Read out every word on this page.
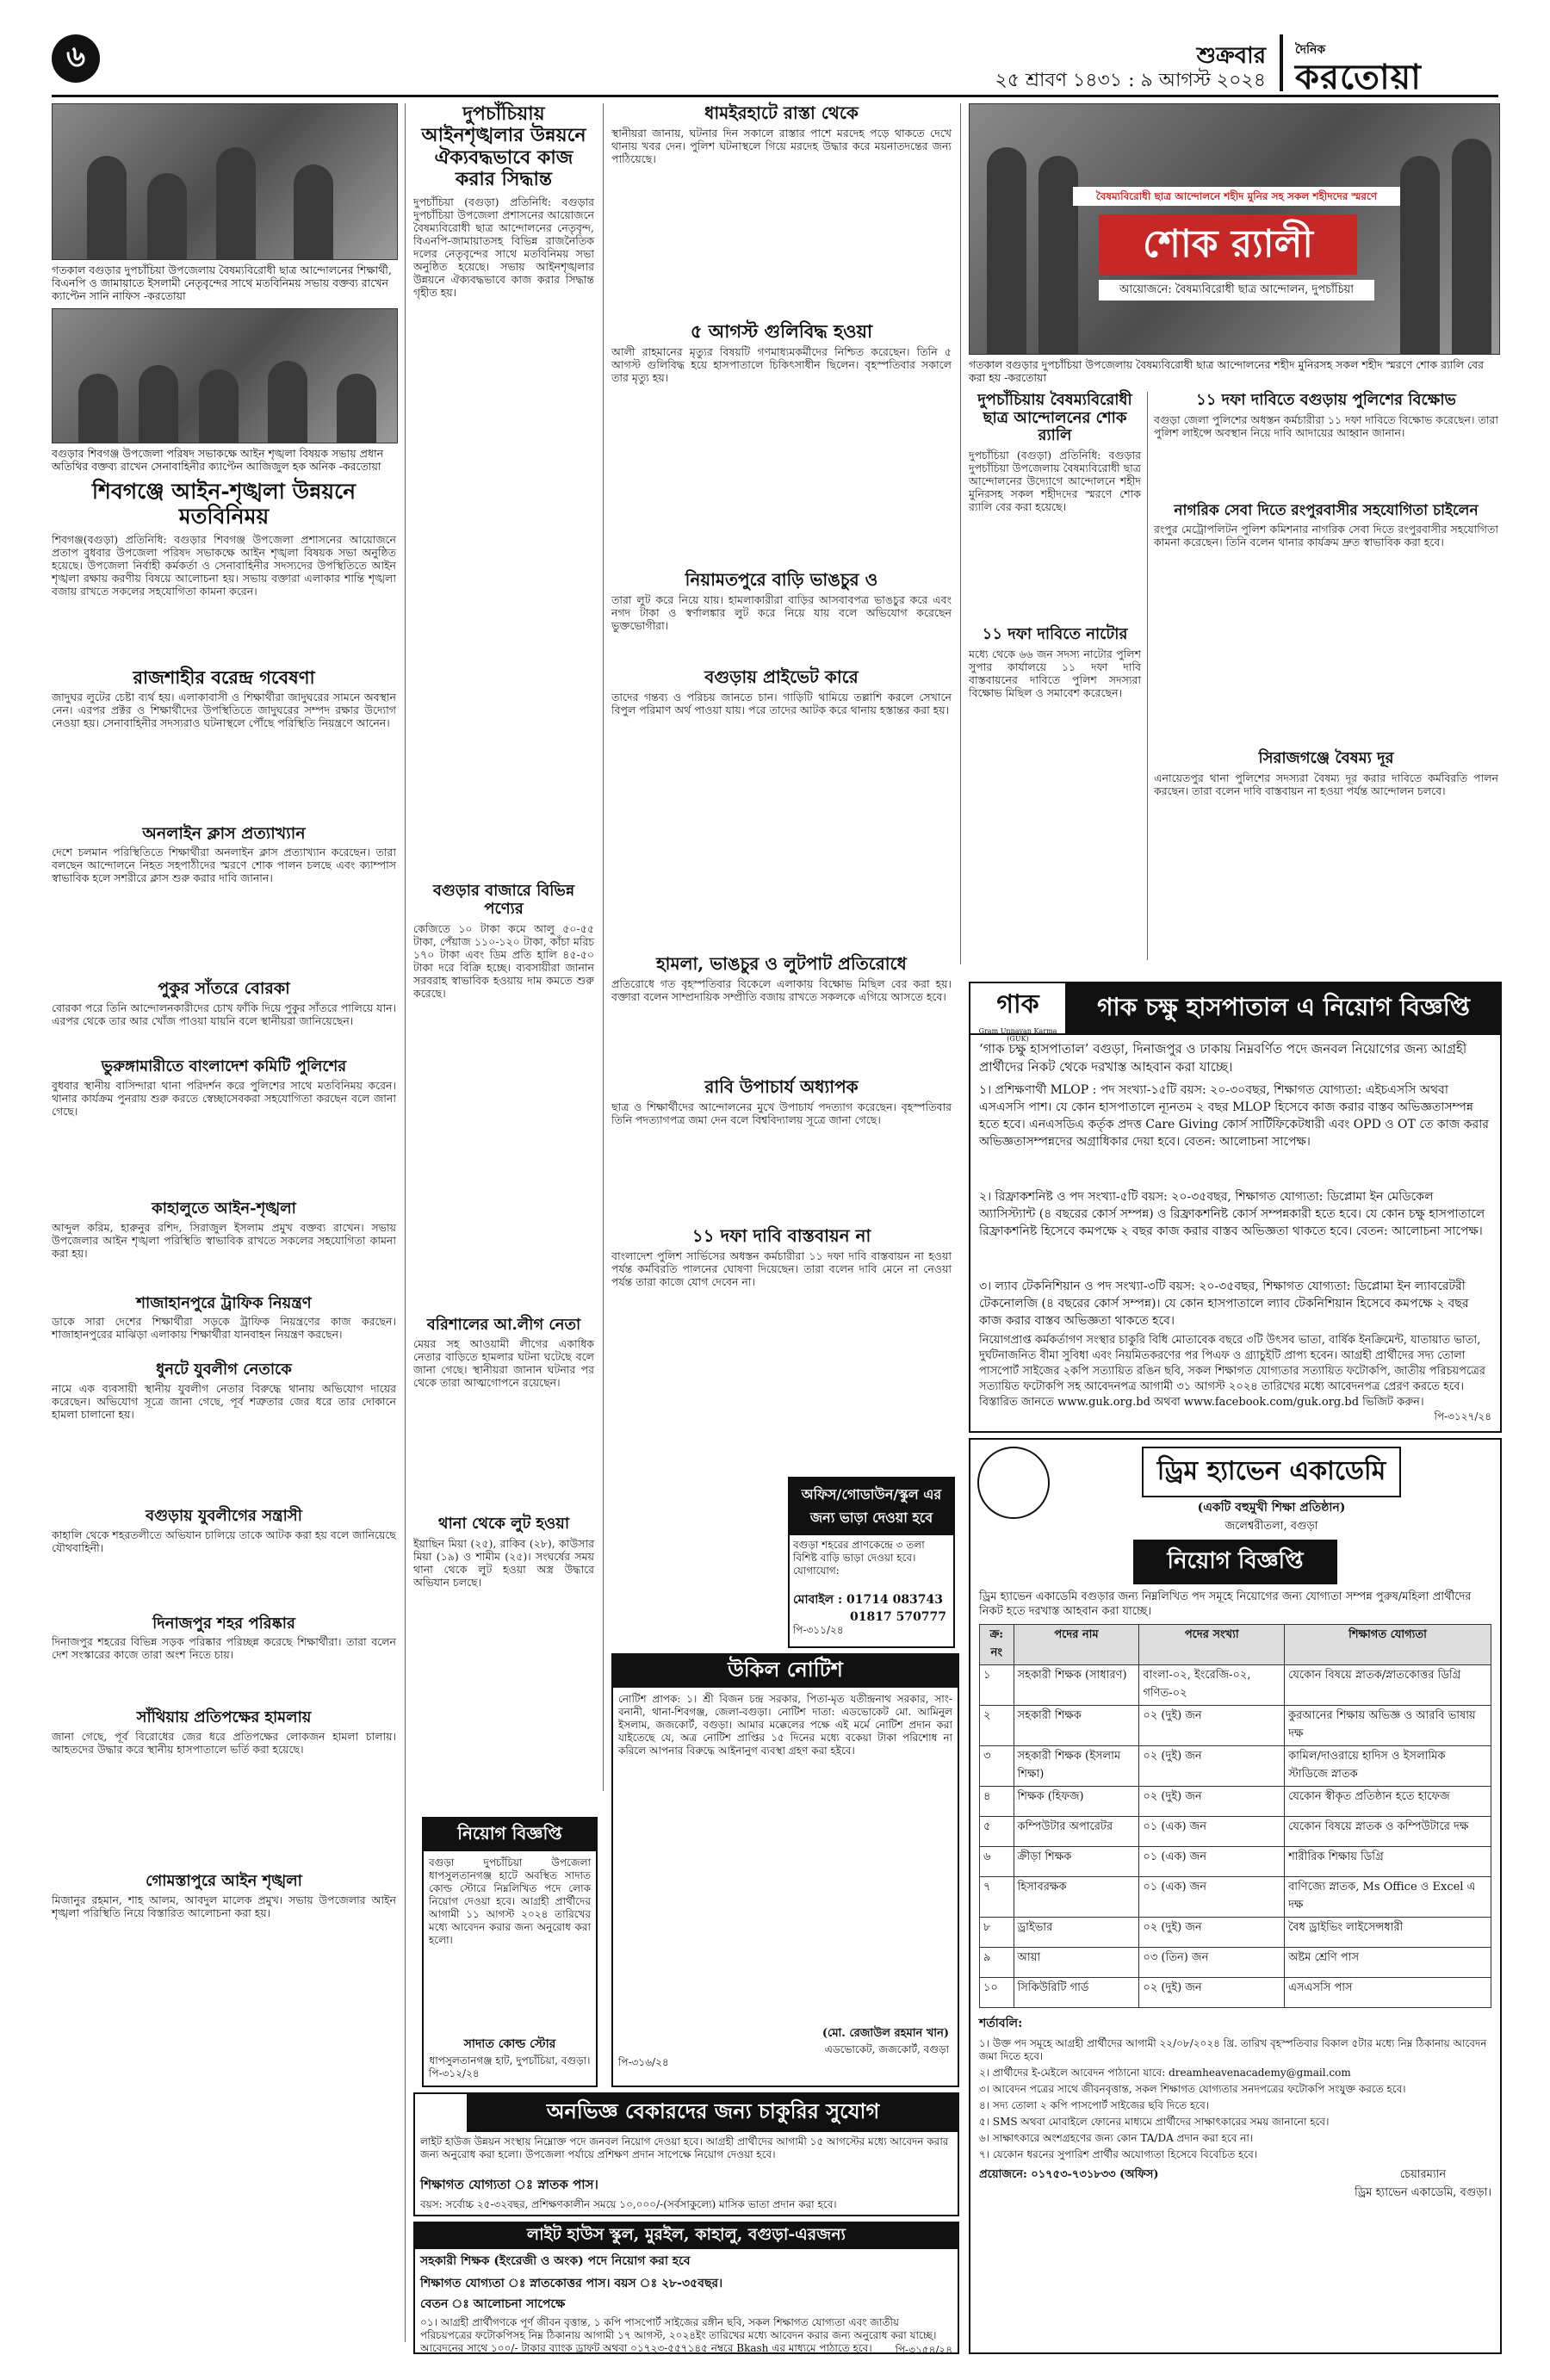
৬	শুক্রবার
২৫ শ্রাবণ ১৪৩১ : ৯ আগস্ট ২০২৪
দৈনিক
করতোয়া
গতকাল বগুড়ার দুপচাঁচিয়া উপজেলায় বৈষম্যবিরোধী ছাত্র আন্দোলনের শিক্ষার্থী, বিএনপি ও জামায়াতে ইসলামী নেতৃবৃন্দের সাথে মতবিনিময় সভায় বক্তব্য রাখেন ক্যাপ্টেন সানি নাফিস -করতোয়া
বগুড়ার শিবগঞ্জ উপজেলা পরিষদ সভাকক্ষে আইন শৃঙ্খলা বিষয়ক সভায় প্রধান অতিথির বক্তব্য রাখেন সেনাবাহিনীর ক্যাপ্টেন আজিজুল হক অনিক -করতোয়া
শিবগঞ্জে আইন-শৃঙ্খলা উন্নয়নে মতবিনিময়
শিবগঞ্জ(বগুড়া) প্রতিনিধি: বগুড়ার শিবগঞ্জ উপজেলা প্রশাসনের আয়োজনে প্রতাপ বুধবার উপজেলা পরিষদ সভাকক্ষে আইন শৃঙ্খলা বিষয়ক সভা অনুষ্ঠিত হয়েছে। উপজেলা নির্বাহী কর্মকর্তা ও সেনাবাহিনীর সদস্যদের উপস্থিতিতে আইন শৃঙ্খলা রক্ষায় করণীয় বিষয়ে আলোচনা হয়। সভায় বক্তারা এলাকার শান্তি শৃঙ্খলা বজায় রাখতে সকলের সহযোগিতা কামনা করেন।
রাজশাহীর বরেন্দ্র গবেষণা
জাদুঘর লুটের চেষ্টা ব্যর্থ হয়। এলাকাবাসী ও শিক্ষার্থীরা জাদুঘরের সামনে অবস্থান নেন। এরপর প্রক্টর ও শিক্ষার্থীদের উপস্থিতিতে জাদুঘরের সম্পদ রক্ষার উদ্যোগ নেওয়া হয়। সেনাবাহিনীর সদস্যরাও ঘটনাস্থলে পৌঁছে পরিস্থিতি নিয়ন্ত্রণে আনেন।
অনলাইন ক্লাস প্রত্যাখ্যান
দেশে চলমান পরিস্থিতিতে শিক্ষার্থীরা অনলাইন ক্লাস প্রত্যাখ্যান করেছেন। তারা বলছেন আন্দোলনে নিহত সহপাঠীদের স্মরণে শোক পালন চলছে এবং ক্যাম্পাস স্বাভাবিক হলে সশরীরে ক্লাস শুরু করার দাবি জানান।
পুকুর সাঁতরে বোরকা
বোরকা পরে তিনি আন্দোলনকারীদের চোখ ফাঁকি দিয়ে পুকুর সাঁতরে পালিয়ে যান। এরপর থেকে তার আর খোঁজ পাওয়া যায়নি বলে স্থানীয়রা জানিয়েছেন।
ভুরুঙ্গামারীতে বাংলাদেশ কমিটি পুলিশের
বুধবার স্থানীয় বাসিন্দারা থানা পরিদর্শন করে পুলিশের সাথে মতবিনিময় করেন। থানার কার্যক্রম পুনরায় শুরু করতে স্বেচ্ছাসেবকরা সহযোগিতা করছেন বলে জানা গেছে।
কাহালুতে আইন-শৃঙ্খলা
আব্দুল করিম, হারুনুর রশিদ, সিরাজুল ইসলাম প্রমুখ বক্তব্য রাখেন। সভায় উপজেলার আইন শৃঙ্খলা পরিস্থিতি স্বাভাবিক রাখতে সকলের সহযোগিতা কামনা করা হয়।
শাজাহানপুরে ট্রাফিক নিয়ন্ত্রণ
ডাকে সারা দেশের শিক্ষার্থীরা সড়কে ট্রাফিক নিয়ন্ত্রণের কাজ করছেন। শাজাহানপুরের মাঝিড়া এলাকায় শিক্ষার্থীরা যানবাহন নিয়ন্ত্রণ করছেন।
ধুনটে যুবলীগ নেতাকে
নামে এক ব্যবসায়ী স্থানীয় যুবলীগ নেতার বিরুদ্ধে থানায় অভিযোগ দায়ের করেছেন। অভিযোগ সূত্রে জানা গেছে, পূর্ব শত্রুতার জের ধরে তার দোকানে হামলা চালানো হয়।
বগুড়ায় যুবলীগের সন্ত্রাসী
কাহালি থেকে শহরতলীতে অভিযান চালিয়ে তাকে আটক করা হয় বলে জানিয়েছে যৌথবাহিনী।
দিনাজপুর শহর পরিষ্কার
দিনাজপুর শহরের বিভিন্ন সড়ক পরিষ্কার পরিচ্ছন্ন করেছে শিক্ষার্থীরা। তারা বলেন দেশ সংস্কারের কাজে তারা অংশ নিতে চায়।
সাঁথিয়ায় প্রতিপক্ষের হামলায়
জানা গেছে, পূর্ব বিরোধের জের ধরে প্রতিপক্ষের লোকজন হামলা চালায়। আহতদের উদ্ধার করে স্থানীয় হাসপাতালে ভর্তি করা হয়েছে।
গোমস্তাপুরে আইন শৃঙ্খলা
মিজানুর রহমান, শাহ আলম, আবদুল মালেক প্রমুখ। সভায় উপজেলার আইন শৃঙ্খলা পরিস্থিতি নিয়ে বিস্তারিত আলোচনা করা হয়।
দুপচাঁচিয়ায় আইনশৃঙ্খলার উন্নয়নে ঐক্যবদ্ধভাবে কাজ করার সিদ্ধান্ত
দুপচাঁচিয়া (বগুড়া) প্রতিনিধি: বগুড়ার দুপচাঁচিয়া উপজেলা প্রশাসনের আয়োজনে বৈষম্যবিরোধী ছাত্র আন্দোলনের নেতৃবৃন্দ, বিএনপি-জামায়াতসহ বিভিন্ন রাজনৈতিক দলের নেতৃবৃন্দের সাথে মতবিনিময় সভা অনুষ্ঠিত হয়েছে। সভায় আইনশৃঙ্খলার উন্নয়নে ঐক্যবদ্ধভাবে কাজ করার সিদ্ধান্ত গৃহীত হয়।
বগুড়ার বাজারে বিভিন্ন পণ্যের
কেজিতে ১০ টাকা কমে আলু ৫০-৫৫ টাকা, পেঁয়াজ ১১০-১২০ টাকা, কাঁচা মরিচ ১৭০ টাকা এবং ডিম প্রতি হালি ৪৫-৫০ টাকা দরে বিক্রি হচ্ছে। ব্যবসায়ীরা জানান সরবরাহ স্বাভাবিক হওয়ায় দাম কমতে শুরু করেছে।
বরিশালের আ.লীগ নেতা
মেয়র সহ আওয়ামী লীগের একাধিক নেতার বাড়িতে হামলার ঘটনা ঘটেছে বলে জানা গেছে। স্থানীয়রা জানান ঘটনার পর থেকে তারা আত্মগোপনে রয়েছেন।
থানা থেকে লুট হওয়া
ইয়াছিন মিয়া (২৫), রাকিব (২৮), কাউসার মিয়া (১৯) ও শামীম (২৫)। সংঘর্ষের সময় থানা থেকে লুট হওয়া অস্ত্র উদ্ধারে অভিযান চলছে।
নিয়োগ বিজ্ঞপ্তি
বগুড়া দুপচাঁচিয়া উপজেলা ধাপসুলতানগঞ্জ হাটে অবস্থিত সাদাত কোল্ড স্টোরে নিম্নলিখিত পদে লোক নিয়োগ দেওয়া হবে। আগ্রহী প্রার্থীদের আগামী ১১ আগস্ট ২০২৪ তারিখের মধ্যে আবেদন করার জন্য অনুরোধ করা হলো।
সাদাত কোল্ড স্টোর
ধাপসুলতানগঞ্জ হাট, দুপচাঁচিয়া, বগুড়া।
পি-৩১২/২৪
ধামইরহাটে রাস্তা থেকে
স্থানীয়রা জানায়, ঘটনার দিন সকালে রাস্তার পাশে মরদেহ পড়ে থাকতে দেখে থানায় খবর দেন। পুলিশ ঘটনাস্থলে গিয়ে মরদেহ উদ্ধার করে ময়নাতদন্তের জন্য পাঠিয়েছে।
৫ আগস্ট গুলিবিদ্ধ হওয়া
আলী রাহমানের মৃত্যুর বিষয়টি গণমাধ্যমকর্মীদের নিশ্চিত করেছেন। তিনি ৫ আগস্ট গুলিবিদ্ধ হয়ে হাসপাতালে চিকিৎসাধীন ছিলেন। বৃহস্পতিবার সকালে তার মৃত্যু হয়।
নিয়ামতপুরে বাড়ি ভাঙচুর ও
তারা লুট করে নিয়ে যায়। হামলাকারীরা বাড়ির আসবাবপত্র ভাঙচুর করে এবং নগদ টাকা ও স্বর্ণালঙ্কার লুট করে নিয়ে যায় বলে অভিযোগ করেছেন ভুক্তভোগীরা।
বগুড়ায় প্রাইভেট কারে
তাদের গন্তব্য ও পরিচয় জানতে চান। গাড়িটি থামিয়ে তল্লাশি করলে সেখানে বিপুল পরিমাণ অর্থ পাওয়া যায়। পরে তাদের আটক করে থানায় হস্তান্তর করা হয়।
হামলা, ভাঙচুর ও লুটপাট প্রতিরোধে
প্রতিরোধে গত বৃহস্পতিবার বিকেলে এলাকায় বিক্ষোভ মিছিল বের করা হয়। বক্তারা বলেন সাম্প্রদায়িক সম্প্রীতি বজায় রাখতে সকলকে এগিয়ে আসতে হবে।
রাবি উপাচার্য অধ্যাপক
ছাত্র ও শিক্ষার্থীদের আন্দোলনের মুখে উপাচার্য পদত্যাগ করেছেন। বৃহস্পতিবার তিনি পদত্যাগপত্র জমা দেন বলে বিশ্ববিদ্যালয় সূত্রে জানা গেছে।
১১ দফা দাবি বাস্তবায়ন না
বাংলাদেশ পুলিশ সার্ভিসের অধস্তন কর্মচারীরা ১১ দফা দাবি বাস্তবায়ন না হওয়া পর্যন্ত কর্মবিরতি পালনের ঘোষণা দিয়েছেন। তারা বলেন দাবি মেনে না নেওয়া পর্যন্ত তারা কাজে যোগ দেবেন না।
অফিস/গোডাউন/স্কুল এর জন্য ভাড়া দেওয়া হবে
বগুড়া শহরের প্রাণকেন্দ্রে ৩ তলা বিশিষ্ট বাড়ি ভাড়া দেওয়া হবে। যোগাযোগ:
মোবাইল : 01714 083743
01817 570777
পি-৩১১/২৪
বৈষম্যবিরোধী ছাত্র আন্দোলনে শহীদ মুনির সহ সকল শহীদদের স্মরণে
শোক র‍্যালী
আয়োজনে: বৈষম্যবিরোধী ছাত্র আন্দোলন, দুপচাঁচিয়া
গতকাল বগুড়ার দুপচাঁচিয়া উপজেলায় বৈষম্যবিরোধী ছাত্র আন্দোলনের শহীদ মুনিরসহ সকল শহীদ স্মরণে শোক র‍্যালি বের করা হয় -করতোয়া
দুপচাঁচিয়ায় বৈষম্যবিরোধী ছাত্র আন্দোলনের শোক র‍্যালি
দুপচাঁচিয়া (বগুড়া) প্রতিনিধি: বগুড়ার দুপচাঁচিয়া উপজেলায় বৈষম্যবিরোধী ছাত্র আন্দোলনের উদ্যোগে আন্দোলনে শহীদ মুনিরসহ সকল শহীদদের স্মরণে শোক র‍্যালি বের করা হয়েছে।
১১ দফা দাবিতে নাটোর
মধ্যে থেকে ৬৬ জন সদস্য নাটোর পুলিশ সুপার কার্যালয়ে ১১ দফা দাবি বাস্তবায়নের দাবিতে পুলিশ সদস্যরা বিক্ষোভ মিছিল ও সমাবেশ করেছেন।
১১ দফা দাবিতে বগুড়ায় পুলিশের বিক্ষোভ
বগুড়া জেলা পুলিশের অধস্তন কর্মচারীরা ১১ দফা দাবিতে বিক্ষোভ করেছেন। তারা পুলিশ লাইন্সে অবস্থান নিয়ে দাবি আদায়ের আহ্বান জানান।
নাগরিক সেবা দিতে রংপুরবাসীর সহযোগিতা চাইলেন
রংপুর মেট্রোপলিটন পুলিশ কমিশনার নাগরিক সেবা দিতে রংপুরবাসীর সহযোগিতা কামনা করেছেন। তিনি বলেন থানার কার্যক্রম দ্রুত স্বাভাবিক করা হবে।
সিরাজগঞ্জে বৈষম্য দূর
এনায়েতপুর থানা পুলিশের সদস্যরা বৈষম্য দূর করার দাবিতে কর্মবিরতি পালন করছেন। তারা বলেন দাবি বাস্তবায়ন না হওয়া পর্যন্ত আন্দোলন চলবে।
গাক
Gram Unnayan Karma (GUK)
গাক চক্ষু হাসপাতাল এ নিয়োগ বিজ্ঞপ্তি
‘গাক চক্ষু হাসপাতাল’ বগুড়া, দিনাজপুর ও ঢাকায় নিম্নবর্ণিত পদে জনবল নিয়োগের জন্য আগ্রহী প্রার্থীদের নিকট থেকে দরখাস্ত আহবান করা যাচ্ছে।
১। প্রশিক্ষণার্থী MLOP : পদ সংখ্যা-১৫টি বয়স: ২০-৩০বছর, শিক্ষাগত যোগ্যতা: এইচএসসি অথবা এসএসসি পাশ। যে কোন হাসপাতালে ন্যূনতম ২ বছর MLOP হিসেবে কাজ করার বাস্তব অভিজ্ঞতাসম্পন্ন হতে হবে। এনএসডিএ কর্তৃক প্রদত্ত Care Giving কোর্স সার্টিফিকেটধারী এবং OPD ও OT তে কাজ করার অভিজ্ঞতাসম্পন্নদের অগ্রাধিকার দেয়া হবে। বেতন: আলোচনা সাপেক্ষ।
২। রিফ্রাকশনিষ্ট ও পদ সংখ্যা-৫টি বয়স: ২০-৩৫বছর, শিক্ষাগত যোগ্যতা: ডিপ্লোমা ইন মেডিকেল অ্যাসিস্ট্যান্ট (৪ বছরের কোর্স সম্পন্ন) ও রিফ্রাকশনিষ্ট কোর্স সম্পন্নকারী হতে হবে। যে কোন চক্ষু হাসপাতালে রিফ্রাকশনিষ্ট হিসেবে কমপক্ষে ২ বছর কাজ করার বাস্তব অভিজ্ঞতা থাকতে হবে। বেতন: আলোচনা সাপেক্ষ।
৩। ল্যাব টেকনিশিয়ান ও পদ সংখ্যা-৩টি বয়স: ২০-৩৫বছর, শিক্ষাগত যোগ্যতা: ডিপ্লোমা ইন ল্যাবরেটরী টেকনোলজি (৪ বছরের কোর্স সম্পন্ন)। যে কোন হাসপাতালে ল্যাব টেকনিশিয়ান হিসেবে কমপক্ষে ২ বছর কাজ করার বাস্তব অভিজ্ঞতা থাকতে হবে।
নিয়োগপ্রাপ্ত কর্মকর্তাগণ সংস্থার চাকুরি বিধি মোতাবেক বছরে ৩টি উৎসব ভাতা, বার্ষিক ইনক্রিমেন্ট, যাতায়াত ভাতা, দুর্ঘটনাজনিত বীমা সুবিধা এবং নিয়মিতকরণের পর পিএফ ও গ্র্যাচুইটি প্রাপ্য হবেন। আগ্রহী প্রার্থীদের সদ্য তোলা পাসপোর্ট সাইজের ২কপি সত্যায়িত রঙিন ছবি, সকল শিক্ষাগত যোগ্যতার সত্যায়িত ফটোকপি, জাতীয় পরিচয়পত্রের সত্যায়িত ফটোকপি সহ আবেদনপত্র আগামী ৩১ আগস্ট ২০২৪ তারিখের মধ্যে আবেদনপত্র প্রেরণ করতে হবে। বিস্তারিত জানতে www.guk.org.bd অথবা www.facebook.com/guk.org.bd ভিজিট করুন।
পি-৩১২৭/২৪
উকিল নোটিশ
নোটিশ প্রাপক: ১। শ্রী বিজন চন্দ্র সরকার, পিতা-মৃত যতীন্দ্রনাথ সরকার, সাং-বনানী, থানা-শিবগঞ্জ, জেলা-বগুড়া। নোটিশ দাতা: এডভোকেট মো. আমিনুল ইসলাম, জজকোর্ট, বগুড়া। আমার মক্কেলের পক্ষে এই মর্মে নোটিশ প্রদান করা যাইতেছে যে, অত্র নোটিশ প্রাপ্তির ১৫ দিনের মধ্যে বকেয়া টাকা পরিশোধ না করিলে আপনার বিরুদ্ধে আইনানুগ ব্যবস্থা গ্রহণ করা হইবে।
(মো. রেজাউল রহমান খান)
এডভোকেট, জজকোর্ট, বগুড়া
পি-৩১৬/২৪
ড্রিম হ্যাভেন একাডেমি
(একটি বহুমুখী শিক্ষা প্রতিষ্ঠান)
জলেশ্বরীতলা, বগুড়া
নিয়োগ বিজ্ঞপ্তি
ড্রিম হ্যাভেন একাডেমি বগুড়ার জন্য নিম্নলিখিত পদ সমূহে নিয়োগের জন্য যোগ্যতা সম্পন্ন পুরুষ/মহিলা প্রার্থীদের নিকট হতে দরখাস্ত আহবান করা যাচ্ছে।
ক্র: নং	পদের নাম	পদের সংখ্যা	শিক্ষাগত যোগ্যতা
১	সহকারী শিক্ষক (সাধারণ)	বাংলা-০২, ইংরেজি-০২, গণিত-০২	যেকোন বিষয়ে স্নাতক/স্নাতকোত্তর ডিগ্রি
২	সহকারী শিক্ষক	০২ (দুই) জন	কুরআনের শিক্ষায় অভিজ্ঞ ও আরবি ভাষায় দক্ষ
৩	সহকারী শিক্ষক (ইসলাম শিক্ষা)	০২ (দুই) জন	কামিল/দাওরায়ে হাদিস ও ইসলামিক স্টাডিজে স্নাতক
৪	শিক্ষক (হিফজ)	০২ (দুই) জন	যেকোন স্বীকৃত প্রতিষ্ঠান হতে হাফেজ
৫	কম্পিউটার অপারেটর	০১ (এক) জন	যেকোন বিষয়ে স্নাতক ও কম্পিউটারে দক্ষ
৬	ক্রীড়া শিক্ষক	০১ (এক) জন	শারীরিক শিক্ষায় ডিগ্রি
৭	হিসাবরক্ষক	০১ (এক) জন	বাণিজ্যে স্নাতক, Ms Office ও Excel এ দক্ষ
৮	ড্রাইভার	০২ (দুই) জন	বৈধ ড্রাইভিং লাইসেন্সধারী
৯	আয়া	০৩ (তিন) জন	অষ্টম শ্রেণি পাস
১০	সিকিউরিটি গার্ড	০২ (দুই) জন	এসএসসি পাস
শর্তাবলি:
১। উক্ত পদ সমূহে আগ্রহী প্রার্থীদের আগামী ২২/০৮/২০২৪ খ্রি. তারিখ বৃহস্পতিবার বিকাল ৫টার মধ্যে নিম্ন ঠিকানায় আবেদন জমা দিতে হবে।
২। প্রার্থীদের ই-মেইলে আবেদন পাঠানো যাবে: dreamheavenacademy@gmail.com
৩। আবেদন পত্রের সাথে জীবনবৃত্তান্ত, সকল শিক্ষাগত যোগ্যতার সনদপত্রের ফটোকপি সংযুক্ত করতে হবে।
৪। সদ্য তোলা ২ কপি পাসপোর্ট সাইজের ছবি দিতে হবে।
৫। SMS অথবা মোবাইলে ফোনের মাধ্যমে প্রার্থীদের সাক্ষাৎকারের সময় জানানো হবে।
৬। সাক্ষাৎকারে অংশগ্রহণের জন্য কোন TA/DA প্রদান করা হবে না।
৭। যেকোন ধরনের সুপারিশ প্রার্থীর অযোগ্যতা হিসেবে বিবেচিত হবে।
প্রয়োজনে: ০১৭৫৩-৭৩১৮৩৩ (অফিস)	চেয়ারম্যান
ড্রিম হ্যাভেন একাডেমি, বগুড়া।
অনভিজ্ঞ বেকারদের জন্য চাকুরির সুযোগ
লাইট হাউজ উন্নয়ন সংস্থায় নিম্নোক্ত পদে জনবল নিয়োগ দেওয়া হবে। আগ্রহী প্রার্থীদের আগামী ১৫ আগস্টের মধ্যে আবেদন করার জন্য অনুরোধ করা হলো। উপজেলা পর্যায়ে প্রশিক্ষণ প্রদান সাপেক্ষে নিয়োগ দেওয়া হবে।
শিক্ষাগত যোগ্যতা ঃ স্নাতক পাস।
বয়স: সর্বোচ্চ ২৫-৩২বছর, প্রশিক্ষণকালীন সময়ে ১০,০০০/-(সর্বসাকুল্যে) মাসিক ভাতা প্রদান করা হবে।
লাইট হাউস স্কুল, মুরইল, কাহালু, বগুড়া-এরজন্য
সহকারী শিক্ষক (ইংরেজী ও অংক) পদে নিয়োগ করা হবে
শিক্ষাগত যোগ্যতা ঃ স্নাতকোত্তর পাস। বয়স ঃ ২৮-৩৫বছর।
বেতন ঃ আলোচনা সাপেক্ষে
০১। আগ্রহী প্রার্থীগণকে পূর্ণ জীবন বৃত্তান্ত, ১ কপি পাসপোর্ট সাইজের রঙ্গীন ছবি, সকল শিক্ষাগত যোগ্যতা এবং জাতীয় পরিচয়পত্রের ফটোকপিসহ নিম্ন ঠিকানায় আগামী ১৭ আগস্ট, ২০২৪ইং তারিখের মধ্যে আবেদন করার জন্য অনুরোধ করা যাচ্ছে। আবেদনের সাথে ১০০/- টাকার ব্যাংক ড্রাফট অথবা ০১৭২৩-৫৫৭১৪৫ নম্বরে Bkash এর মাধ্যমে পাঠাতে হবে।	পি-৩১৫৪/২৪
